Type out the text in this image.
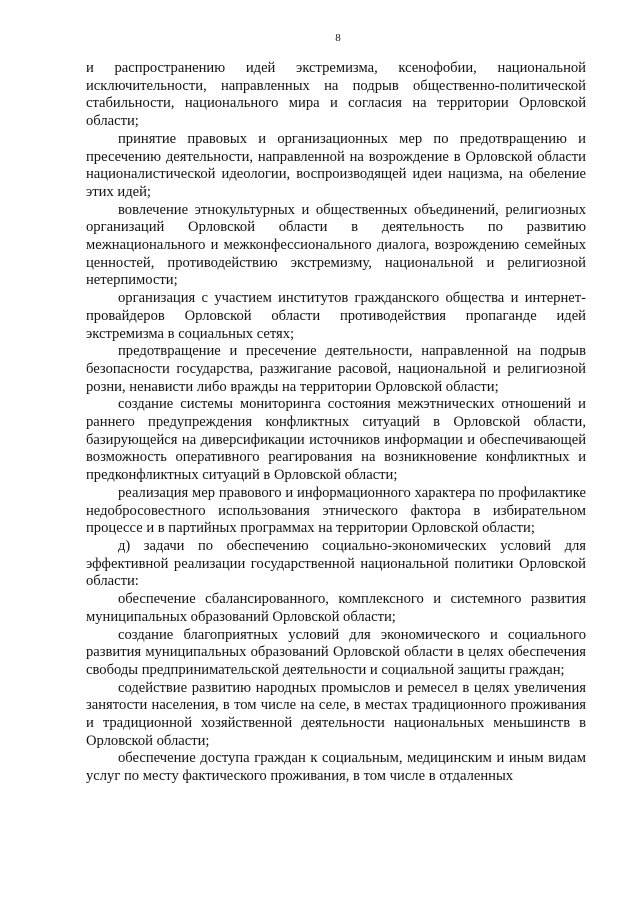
8

и распространению идей экстремизма, ксенофобии, национальной исключительности, направленных на подрыв общественно-политической стабильности, национального мира и согласия на территории Орловской области;

принятие правовых и организационных мер по предотвращению и пресечению деятельности, направленной на возрождение в Орловской области националистической идеологии, воспроизводящей идеи нацизма, на обеление этих идей;

вовлечение этнокультурных и общественных объединений, религиозных организаций Орловской области в деятельность по развитию межнационального и межконфессионального диалога, возрождению семейных ценностей, противодействию экстремизму, национальной и религиозной нетерпимости;

организация с участием институтов гражданского общества и интернет-провайдеров Орловской области противодействия пропаганде идей экстремизма в социальных сетях;

предотвращение и пресечение деятельности, направленной на подрыв безопасности государства, разжигание расовой, национальной и религиозной розни, ненависти либо вражды на территории Орловской области;

создание системы мониторинга состояния межэтнических отношений и раннего предупреждения конфликтных ситуаций в Орловской области, базирующейся на диверсификации источников информации и обеспечивающей возможность оперативного реагирования на возникновение конфликтных и предконфликтных ситуаций в Орловской области;

реализация мер правового и информационного характера по профилактике недобросовестного использования этнического фактора в избирательном процессе и в партийных программах на территории Орловской области;

д) задачи по обеспечению социально-экономических условий для эффективной реализации государственной национальной политики Орловской области:

обеспечение сбалансированного, комплексного и системного развития муниципальных образований Орловской области;

создание благоприятных условий для экономического и социального развития муниципальных образований Орловской области в целях обеспечения свободы предпринимательской деятельности и социальной защиты граждан;

содействие развитию народных промыслов и ремесел в целях увеличения занятости населения, в том числе на селе, в местах традиционного проживания и традиционной хозяйственной деятельности национальных меньшинств в Орловской области;

обеспечение доступа граждан к социальным, медицинским и иным видам услуг по месту фактического проживания, в том числе в отдаленных
